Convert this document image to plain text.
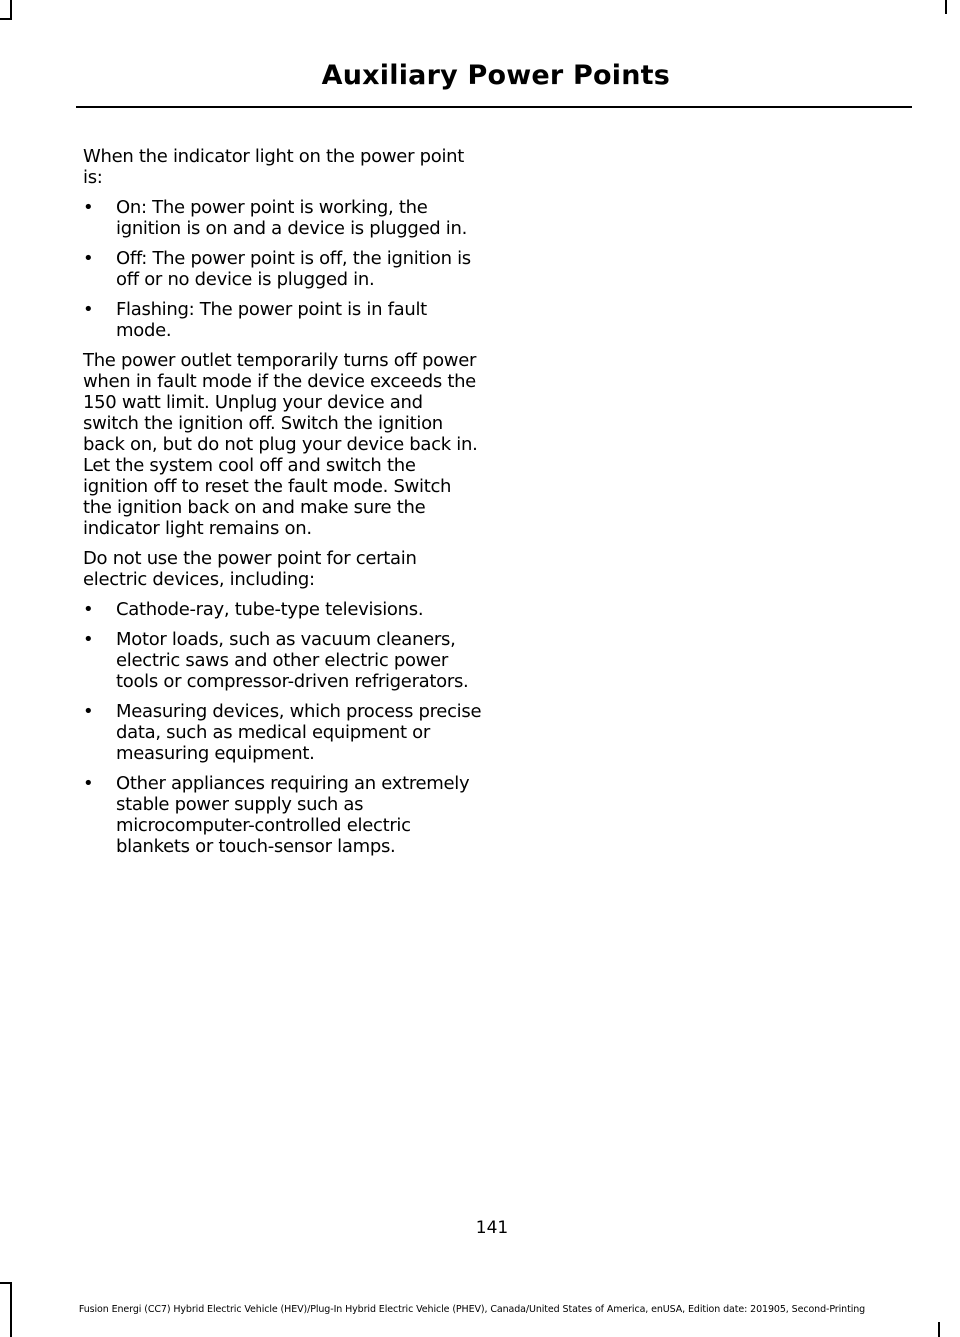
Auxiliary Power Points

When the indicator light on the power point is:

• On: The power point is working, the ignition is on and a device is plugged in.
• Off: The power point is off, the ignition is off or no device is plugged in.
• Flashing: The power point is in fault mode.

The power outlet temporarily turns off power when in fault mode if the device exceeds the 150 watt limit. Unplug your device and switch the ignition off. Switch the ignition back on, but do not plug your device back in. Let the system cool off and switch the ignition off to reset the fault mode. Switch the ignition back on and make sure the indicator light remains on.

Do not use the power point for certain electric devices, including:

• Cathode-ray, tube-type televisions.
• Motor loads, such as vacuum cleaners, electric saws and other electric power tools or compressor-driven refrigerators.
• Measuring devices, which process precise data, such as medical equipment or measuring equipment.
• Other appliances requiring an extremely stable power supply such as microcomputer-controlled electric blankets or touch-sensor lamps.
141
Fusion Energi (CC7) Hybrid Electric Vehicle (HEV)/Plug-In Hybrid Electric Vehicle (PHEV), Canada/United States of America, enUSA, Edition date: 201905, Second-Printing
